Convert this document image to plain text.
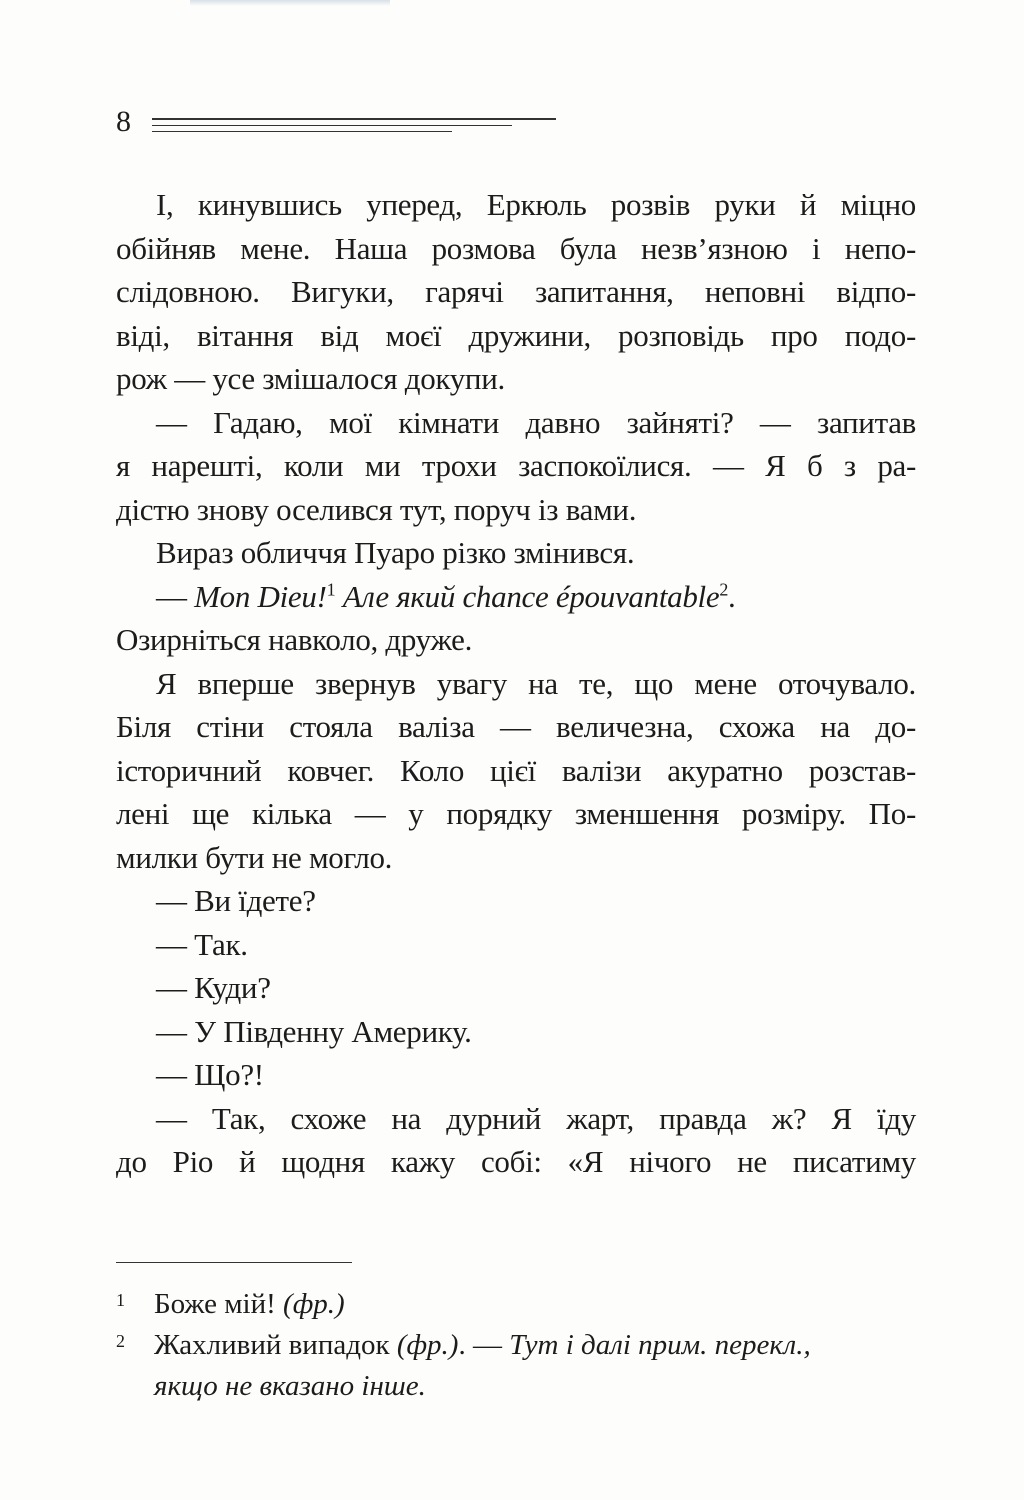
8
І, кинувшись уперед, Еркюль розвів руки й міцно
обійняв мене. Наша розмова була незв’язною і непо-
слідовною. Вигуки, гарячі запитання, неповні відпо-
віді, вітання від моєї дружини, розповідь про подо-
рож — усе змішалося докупи.
— Гадаю, мої кімнати давно зайняті? — запитав
я нарешті, коли ми трохи заспокоїлися. — Я б з ра-
дістю знову оселився тут, поруч із вами.
Вираз обличчя Пуаро різко змінився.
— Mon Dieu!$^1$ Але який chance épouvantable$^2$.
Озирніться навколо, друже.
Я вперше звернув увагу на те, що мене оточувало.
Біля стіни стояла валіза — величезна, схожа на до-
історичний ковчег. Коло цієї валізи акуратно розстав-
лені ще кілька — у порядку зменшення розміру. По-
милки бути не могло.
— Ви їдете?
— Так.
— Куди?
— У Південну Америку.
— Що?!
— Так, схоже на дурний жарт, правда ж? Я їду
до Ріо й щодня кажу собі: «Я нічого не писатиму
1 Боже мій! (фр.)
2 Жахливий випадок (фр.). — Тут і далі прим. перекл.,
якщо не вказано інше.
